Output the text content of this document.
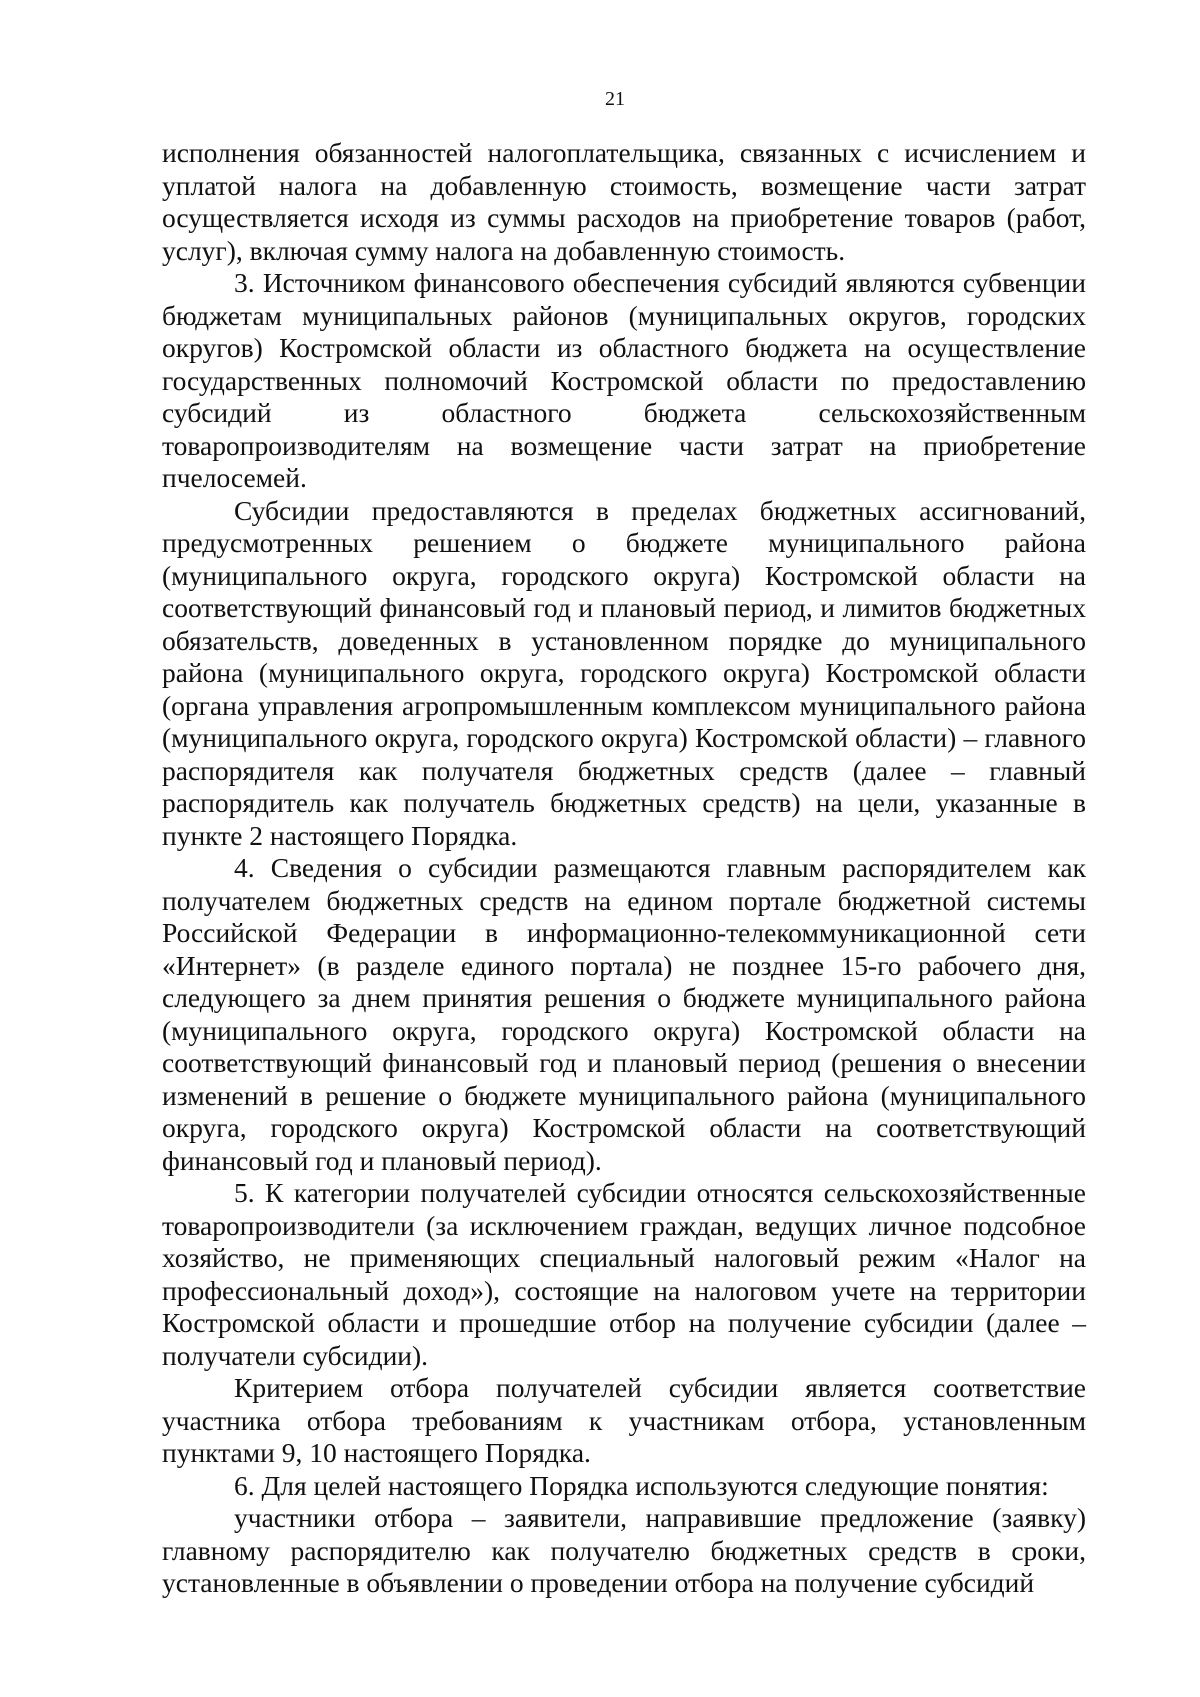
21

исполнения обязанностей налогоплательщика, связанных с исчислением и уплатой налога на добавленную стоимость, возмещение части затрат осуществляется исходя из суммы расходов на приобретение товаров (работ, услуг), включая сумму налога на добавленную стоимость.

3. Источником финансового обеспечения субсидий являются субвенции бюджетам муниципальных районов (муниципальных округов, городских округов) Костромской области из областного бюджета на осуществление государственных полномочий Костромской области по предоставлению субсидий из областного бюджета сельскохозяйственным товаропроизводителям на возмещение части затрат на приобретение пчелосемей.

Субсидии предоставляются в пределах бюджетных ассигнований, предусмотренных решением о бюджете муниципального района (муниципального округа, городского округа) Костромской области на соответствующий финансовый год и плановый период, и лимитов бюджетных обязательств, доведенных в установленном порядке до муниципального района (муниципального округа, городского округа) Костромской области (органа управления агропромышленным комплексом муниципального района (муниципального округа, городского округа) Костромской области) – главного распорядителя как получателя бюджетных средств (далее – главный распорядитель как получатель бюджетных средств) на цели, указанные в пункте 2 настоящего Порядка.

4. Сведения о субсидии размещаются главным распорядителем как получателем бюджетных средств на едином портале бюджетной системы Российской Федерации в информационно-телекоммуникационной сети «Интернет» (в разделе единого портала) не позднее 15-го рабочего дня, следующего за днем принятия решения о бюджете муниципального района (муниципального округа, городского округа) Костромской области на соответствующий финансовый год и плановый период (решения о внесении изменений в решение о бюджете муниципального района (муниципального округа, городского округа) Костромской области на соответствующий финансовый год и плановый период).

5. К категории получателей субсидии относятся сельскохозяйственные товаропроизводители (за исключением граждан, ведущих личное подсобное хозяйство, не применяющих специальный налоговый режим «Налог на профессиональный доход»), состоящие на налоговом учете на территории Костромской области и прошедшие отбор на получение субсидии (далее – получатели субсидии).

Критерием отбора получателей субсидии является соответствие участника отбора требованиям к участникам отбора, установленным пунктами 9, 10 настоящего Порядка.

6. Для целей настоящего Порядка используются следующие понятия:

участники отбора – заявители, направившие предложение (заявку) главному распорядителю как получателю бюджетных средств в сроки, установленные в объявлении о проведении отбора на получение субсидий
